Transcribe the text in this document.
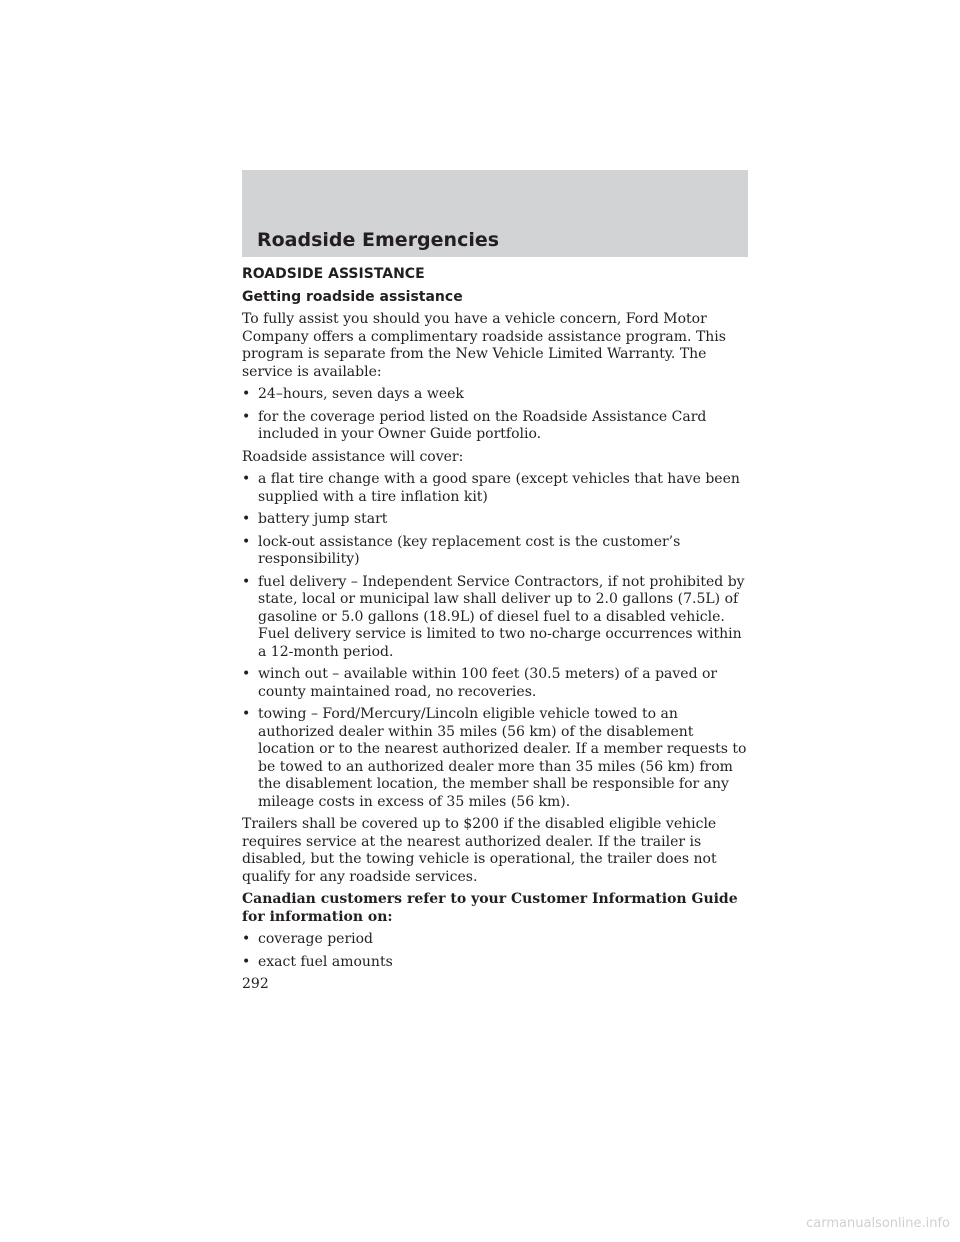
Roadside Emergencies
ROADSIDE ASSISTANCE
Getting roadside assistance

To fully assist you should you have a vehicle concern, Ford Motor Company offers a complimentary roadside assistance program. This program is separate from the New Vehicle Limited Warranty. The service is available:

• 24–hours, seven days a week
• for the coverage period listed on the Roadside Assistance Card included in your Owner Guide portfolio.

Roadside assistance will cover:

• a flat tire change with a good spare (except vehicles that have been supplied with a tire inflation kit)
• battery jump start
• lock-out assistance (key replacement cost is the customer’s responsibility)
• fuel delivery – Independent Service Contractors, if not prohibited by state, local or municipal law shall deliver up to 2.0 gallons (7.5L) of gasoline or 5.0 gallons (18.9L) of diesel fuel to a disabled vehicle. Fuel delivery service is limited to two no-charge occurrences within a 12-month period.
• winch out – available within 100 feet (30.5 meters) of a paved or county maintained road, no recoveries.
• towing – Ford/Mercury/Lincoln eligible vehicle towed to an authorized dealer within 35 miles (56 km) of the disablement location or to the nearest authorized dealer. If a member requests to be towed to an authorized dealer more than 35 miles (56 km) from the disablement location, the member shall be responsible for any mileage costs in excess of 35 miles (56 km).

Trailers shall be covered up to $200 if the disabled eligible vehicle requires service at the nearest authorized dealer. If the trailer is disabled, but the towing vehicle is operational, the trailer does not qualify for any roadside services.

Canadian customers refer to your Customer Information Guide for information on:

• coverage period
• exact fuel amounts
292
carmanualsonline.info
